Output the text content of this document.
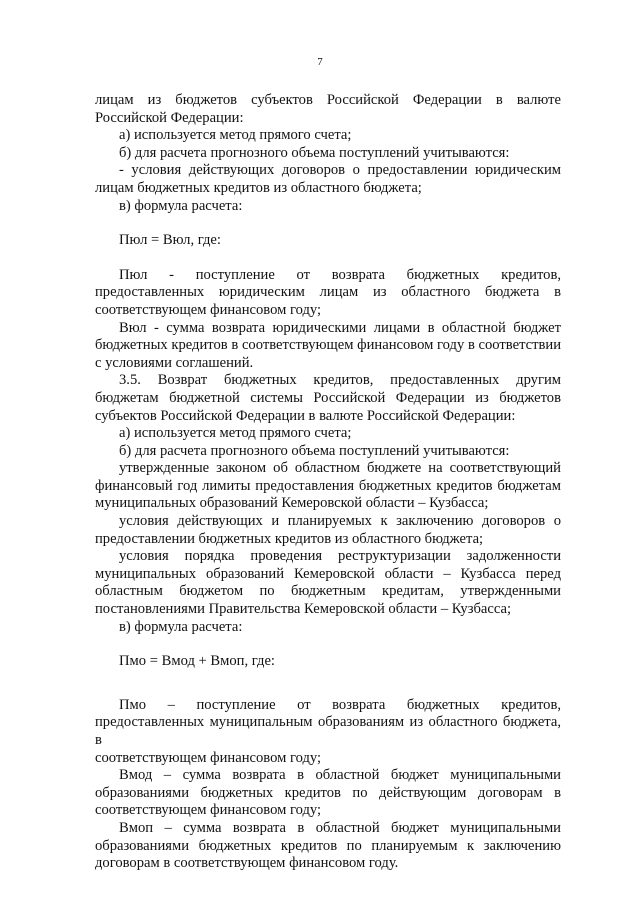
7
лицам из бюджетов субъектов Российской Федерации в валюте
Российской Федерации:
а) используется метод прямого счета;
б) для расчета прогнозного объема поступлений учитываются:
- условия действующих договоров о предоставлении юридическим
лицам бюджетных кредитов из областного бюджета;
в) формула расчета:
Пюл = Вюл, где:
Пюл - поступление от возврата бюджетных кредитов,
предоставленных юридическим лицам из областного бюджета в
соответствующем финансовом году;
Вюл - сумма возврата юридическими лицами в областной бюджет
бюджетных кредитов в соответствующем финансовом году в соответствии
с условиями соглашений.
3.5. Возврат бюджетных кредитов, предоставленных другим
бюджетам бюджетной системы Российской Федерации из бюджетов
субъектов Российской Федерации в валюте Российской Федерации:
а) используется метод прямого счета;
б) для расчета прогнозного объема поступлений учитываются:
утвержденные законом об областном бюджете на соответствующий
финансовый год лимиты предоставления бюджетных кредитов бюджетам
муниципальных образований Кемеровской области – Кузбасса;
условия действующих и планируемых к заключению договоров о
предоставлении бюджетных кредитов из областного бюджета;
условия порядка проведения реструктуризации задолженности
муниципальных образований Кемеровской области – Кузбасса перед
областным бюджетом по бюджетным кредитам, утвержденными
постановлениями Правительства Кемеровской области – Кузбасса;
в) формула расчета:
Пмо = Вмод + Вмоп, где:
Пмо – поступление от возврата бюджетных кредитов,
предоставленных муниципальным образованиям из областного бюджета, в
соответствующем финансовом году;
Вмод – сумма возврата в областной бюджет муниципальными
образованиями бюджетных кредитов по действующим договорам в
соответствующем финансовом году;
Вмоп – сумма возврата в областной бюджет муниципальными
образованиями бюджетных кредитов по планируемым к заключению
договорам в соответствующем финансовом году.
